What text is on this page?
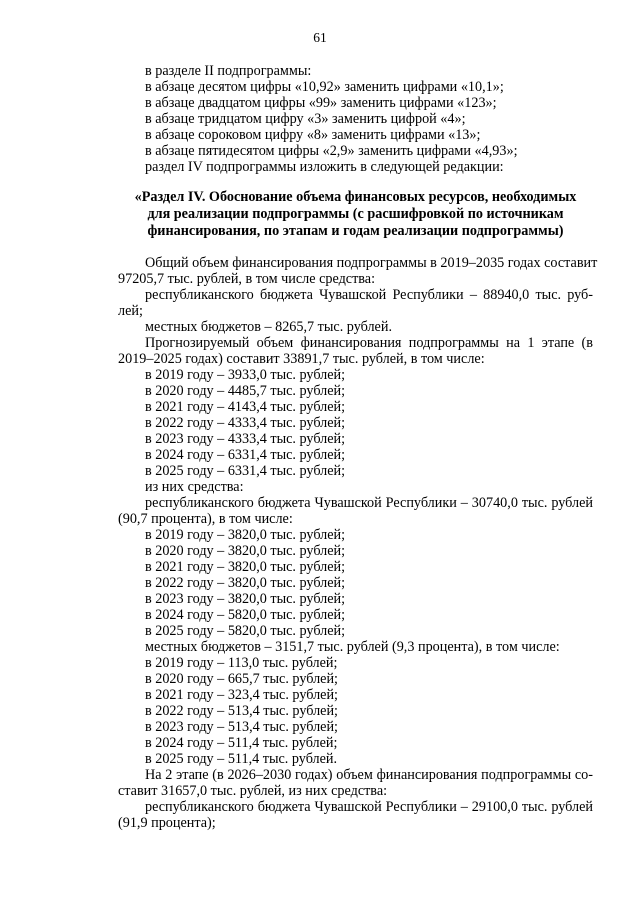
61
в разделе II подпрограммы:
в абзаце десятом цифры «10,92» заменить цифрами «10,1»;
в абзаце двадцатом цифры «99» заменить цифрами «123»;
в абзаце тридцатом цифру «3» заменить цифрой «4»;
в абзаце сороковом цифру «8» заменить цифрами «13»;
в абзаце пятидесятом цифры «2,9» заменить цифрами «4,93»;
раздел IV подпрограммы изложить в следующей редакции:
«Раздел IV. Обоснование объема финансовых ресурсов, необходимых
для реализации подпрограммы (с расшифровкой по источникам
финансирования, по этапам и годам реализации подпрограммы)
Общий объем финансирования подпрограммы в 2019–2035 годах составит
97205,7 тыс. рублей, в том числе средства:
республиканского бюджета Чувашской Республики – 88940,0 тыс. руб-
лей;
местных бюджетов – 8265,7 тыс. рублей.
Прогнозируемый объем финансирования подпрограммы на 1 этапе (в
2019–2025 годах) составит 33891,7 тыс. рублей, в том числе:
в 2019 году – 3933,0 тыс. рублей;
в 2020 году – 4485,7 тыс. рублей;
в 2021 году – 4143,4 тыс. рублей;
в 2022 году – 4333,4 тыс. рублей;
в 2023 году – 4333,4 тыс. рублей;
в 2024 году – 6331,4 тыс. рублей;
в 2025 году – 6331,4 тыс. рублей;
из них средства:
республиканского бюджета Чувашской Республики – 30740,0 тыс. рублей
(90,7 процента), в том числе:
в 2019 году – 3820,0 тыс. рублей;
в 2020 году – 3820,0 тыс. рублей;
в 2021 году – 3820,0 тыс. рублей;
в 2022 году – 3820,0 тыс. рублей;
в 2023 году – 3820,0 тыс. рублей;
в 2024 году – 5820,0 тыс. рублей;
в 2025 году – 5820,0 тыс. рублей;
местных бюджетов – 3151,7 тыс. рублей (9,3 процента), в том числе:
в 2019 году – 113,0 тыс. рублей;
в 2020 году – 665,7 тыс. рублей;
в 2021 году – 323,4 тыс. рублей;
в 2022 году – 513,4 тыс. рублей;
в 2023 году – 513,4 тыс. рублей;
в 2024 году – 511,4 тыс. рублей;
в 2025 году – 511,4 тыс. рублей.
На 2 этапе (в 2026–2030 годах) объем финансирования подпрограммы со-
ставит 31657,0 тыс. рублей, из них средства:
республиканского бюджета Чувашской Республики – 29100,0 тыс. рублей
(91,9 процента);
